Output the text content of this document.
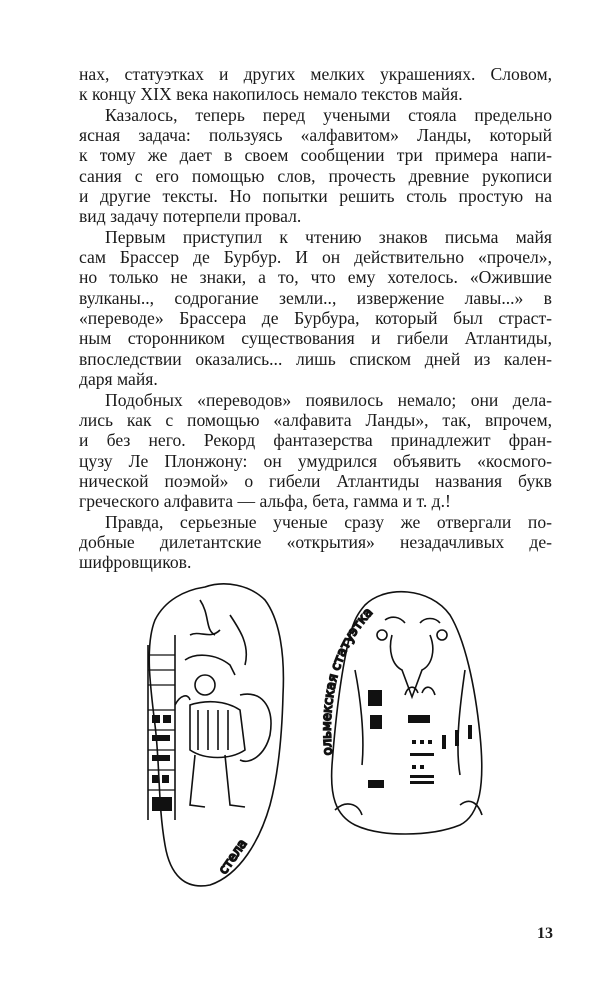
нах, статуэтках и других мелких украшениях. Словом,
к концу XIX века накопилось немало текстов майя.

Казалось, теперь перед учеными стояла предельно
ясная задача: пользуясь «алфавитом» Ланды, который
к тому же дает в своем сообщении три примера напи-
сания с его помощью слов, прочесть древние рукописи
и другие тексты. Но попытки решить столь простую на
вид задачу потерпели провал.

Первым приступил к чтению знаков письма майя
сам Брассер де Бурбур. И он действительно «прочел»,
но только не знаки, а то, что ему хотелось. «Ожившие
вулканы.., содрогание земли.., извержение лавы...» в
«переводе» Брассера де Бурбура, который был страст-
ным сторонником существования и гибели Атлантиды,
впоследствии оказались... лишь списком дней из кален-
даря майя.

Подобных «переводов» появилось немало; они дела-
лись как с помощью «алфавита Ланды», так, впрочем,
и без него. Рекорд фантазерства принадлежит фран-
цузу Ле Плонжону: он умудрился объявить «космого-
нической поэмой» о гибели Атлантиды названия букв
греческого алфавита — альфа, бета, гамма и т. д.!

Правда, серьезные ученые сразу же отвергали по-
добные дилетантские «открытия» незадачливых де-
шифровщиков.

стела
ольмекская статуэтка
13
